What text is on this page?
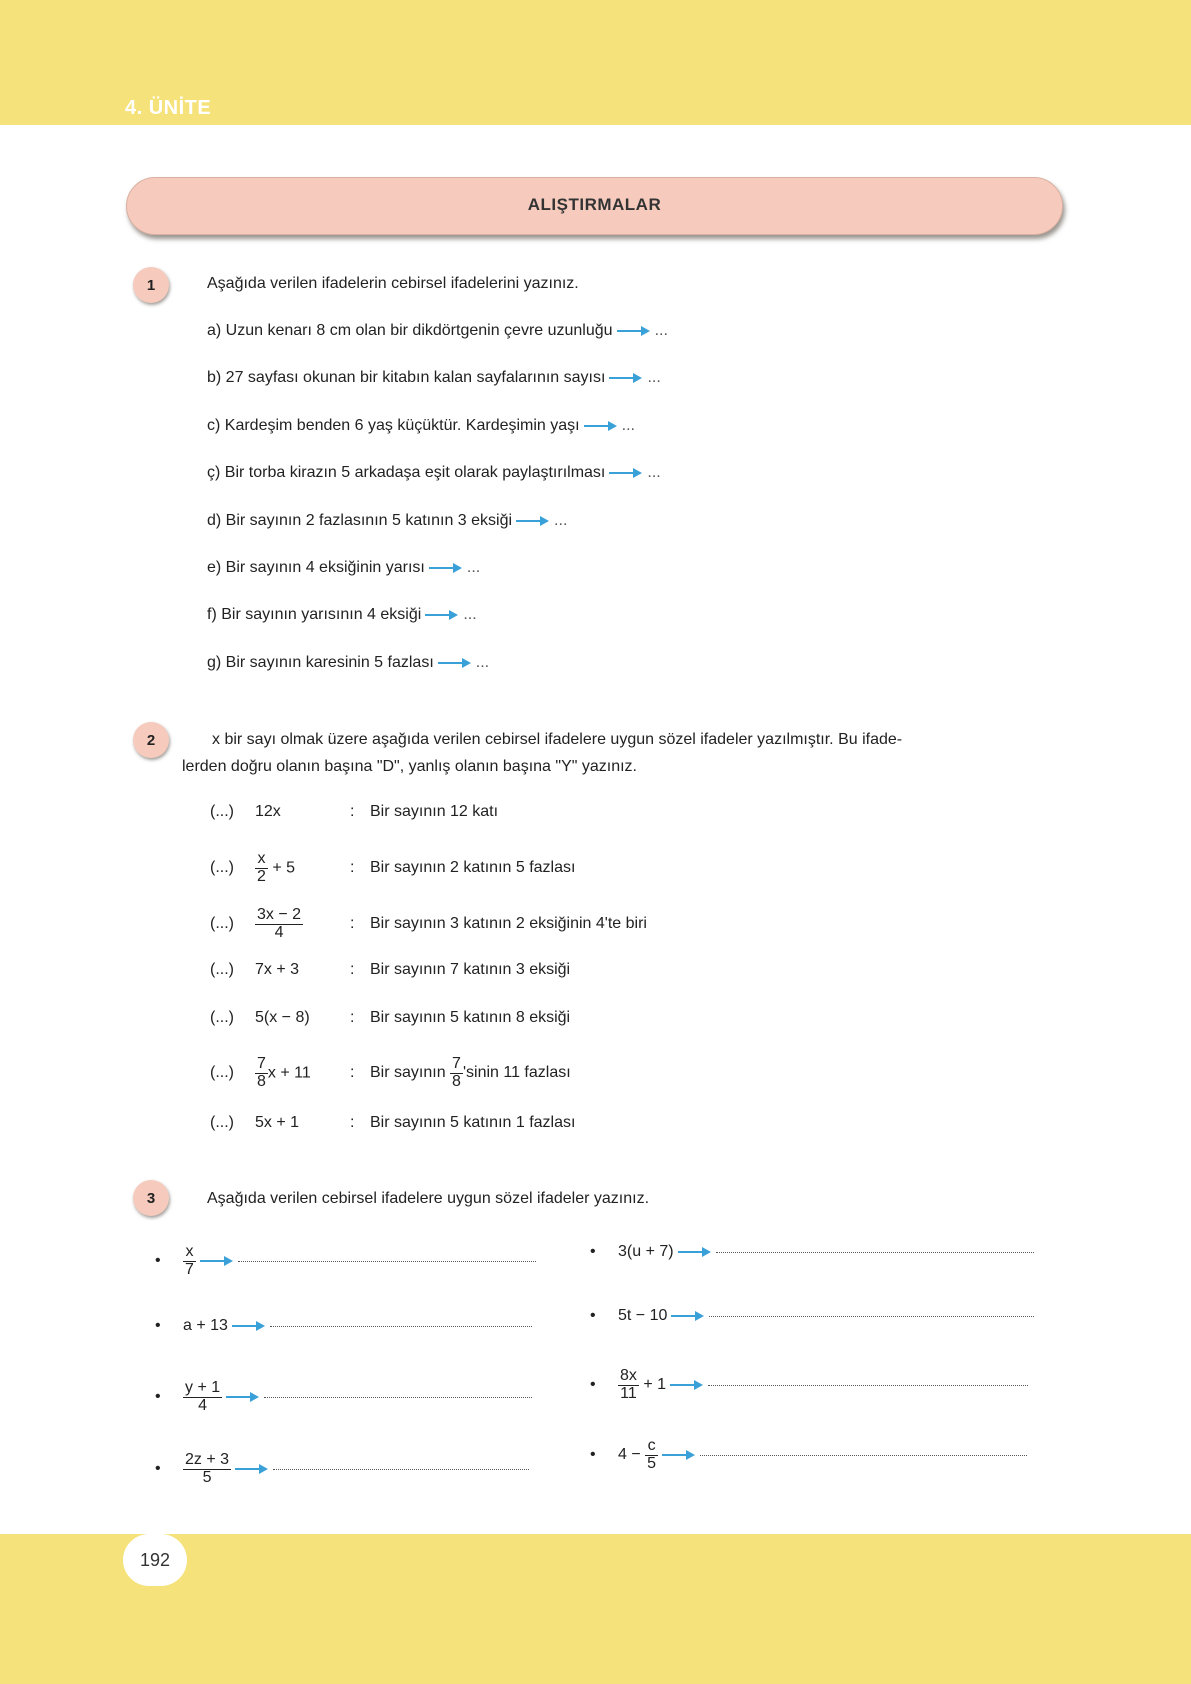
4. ÜNİTE
ALIŞTIRMALAR
1	Aşağıda verilen ifadelerin cebirsel ifadelerini yazınız.
a) Uzun kenarı 8 cm olan bir dikdörtgenin çevre uzunluğu	...
b) 27 sayfası okunan bir kitabın kalan sayfalarının sayısı	...
c) Kardeşim benden 6 yaş küçüktür. Kardeşimin yaşı	...
ç) Bir torba kirazın 5 arkadaşa eşit olarak paylaştırılması	...
d) Bir sayının 2 fazlasının 5 katının 3 eksiği	...
e) Bir sayının 4 eksiğinin yarısı	...
f) Bir sayının yarısının 4 eksiği	...
g) Bir sayının karesinin 5 fazlası	...
2	x bir sayı olmak üzere aşağıda verilen cebirsel ifadelere uygun sözel ifadeler yazılmıştır. Bu ifade-
lerden doğru olanın başına "D", yanlış olanın başına "Y" yazınız.
(...)	12x	: Bir sayının 12 katı
(...)	$\frac{x}{2} + 5$	: Bir sayının 2 katının 5 fazlası
(...)	$\frac{3x - 2}{4}$	: Bir sayının 3 katının 2 eksiğinin 4'te biri
(...)	7x + 3	: Bir sayının 7 katının 3 eksiği
(...)	5(x − 8)	: Bir sayının 5 katının 8 eksiği
(...)	$\frac{7}{8}$ x + 11	: Bir sayının
$\frac{7}{8}$ 'sinin 11 fazlası
(...)	5x + 1	: Bir sayının 5 katının 1 fazlası
3	Aşağıda verilen cebirsel ifadelere uygun sözel ifadeler yazınız.
•	$\frac{x}{7}$
•	a + 13
•	$\frac{y + 1}{4}$
•	$\frac{2z + 3}{5}$
•	3(u + 7)
•	5t − 10
•	$\frac{8x}{11}$
+ 1
•	4 −
$\frac{c}{5}$
192
